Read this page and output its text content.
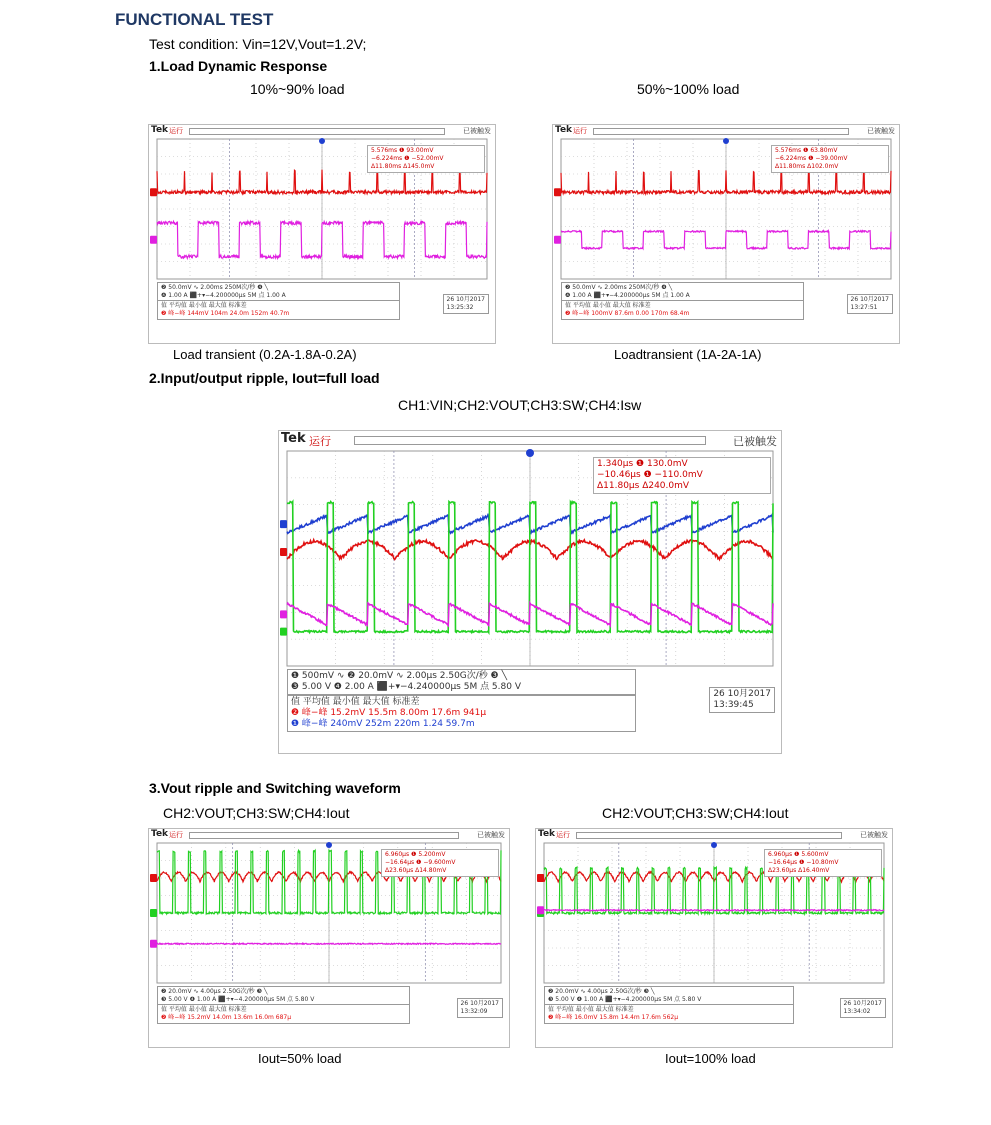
FUNCTIONAL TEST
Test condition: Vin=12V,Vout=1.2V;
1.Load Dynamic Response
10%~90% load	50%~100% load
Tek 运行	已被触发
5.576ms ❶ 93.00mV
−6.224ms ❶ −52.00mV
Δ11.80ms Δ145.0mV
❷ 50.0mV ∿ 2.00ms 250M次/秒 ❹ ╲
❹ 1.00 A ⬛+▾−4.200000μs 5M 点 1.00 A
26 10月2017
13:25:32
值 平均值 最小值 最大值 标准差
❷ 峰−峰 144mV 104m 24.0m 152m 40.7m
Tek 运行	已被触发
5.576ms ❶ 63.80mV
−6.224ms ❶ −39.00mV
Δ11.80ms Δ102.0mV
❷ 50.0mV ∿ 2.00ms 250M次/秒 ❹ ╲
❹ 1.00 A ⬛+▾−4.200000μs 5M 点 1.00 A
26 10月2017
13:27:51
值 平均值 最小值 最大值 标准差
❷ 峰−峰 100mV 87.6m 0.00 170m 68.4m
Load transient (0.2A-1.8A-0.2A)	Loadtransient (1A-2A-1A)
2.Input/output ripple, Iout=full load
CH1:VIN;CH2:VOUT;CH3:SW;CH4:Isw
Tek 运行	已被触发
1.340μs ❶ 130.0mV
−10.46μs ❶ −110.0mV
Δ11.80μs Δ240.0mV
❶ 500mV ∿ ❷ 20.0mV ∿ 2.00μs 2.50G次/秒 ❸ ╲
❸ 5.00 V ❹ 2.00 A ⬛+▾−4.240000μs 5M 点 5.80 V
26 10月2017
13:39:45
值 平均值 最小值 最大值 标准差
❷ 峰−峰 15.2mV 15.5m 8.00m 17.6m 941μ
❶ 峰−峰 240mV 252m 220m 1.24 59.7m
3.Vout ripple and Switching waveform
CH2:VOUT;CH3:SW;CH4:Iout	CH2:VOUT;CH3:SW;CH4:Iout
Tek 运行	已被触发
6.960μs ❶ 5.200mV
−16.64μs ❶ −9.600mV
Δ23.60μs Δ14.80mV
❷ 20.0mV ∿ 4.00μs 2.50G次/秒 ❸ ╲
❸ 5.00 V ❹ 1.00 A ⬛+▾−4.200000μs 5M 点 5.80 V
26 10月2017
13:32:09
值 平均值 最小值 最大值 标准差
❷ 峰−峰 15.2mV 14.0m 13.6m 16.0m 687μ
Tek 运行	已被触发
6.960μs ❶ 5.600mV
−16.64μs ❶ −10.80mV
Δ23.60μs Δ16.40mV
❷ 20.0mV ∿ 4.00μs 2.50G次/秒 ❸ ╲
❸ 5.00 V ❹ 1.00 A ⬛+▾−4.200000μs 5M 点 5.80 V
26 10月2017
13:34:02
值 平均值 最小值 最大值 标准差
❷ 峰−峰 16.0mV 15.8m 14.4m 17.6m 562μ
Iout=50% load	Iout=100% load
